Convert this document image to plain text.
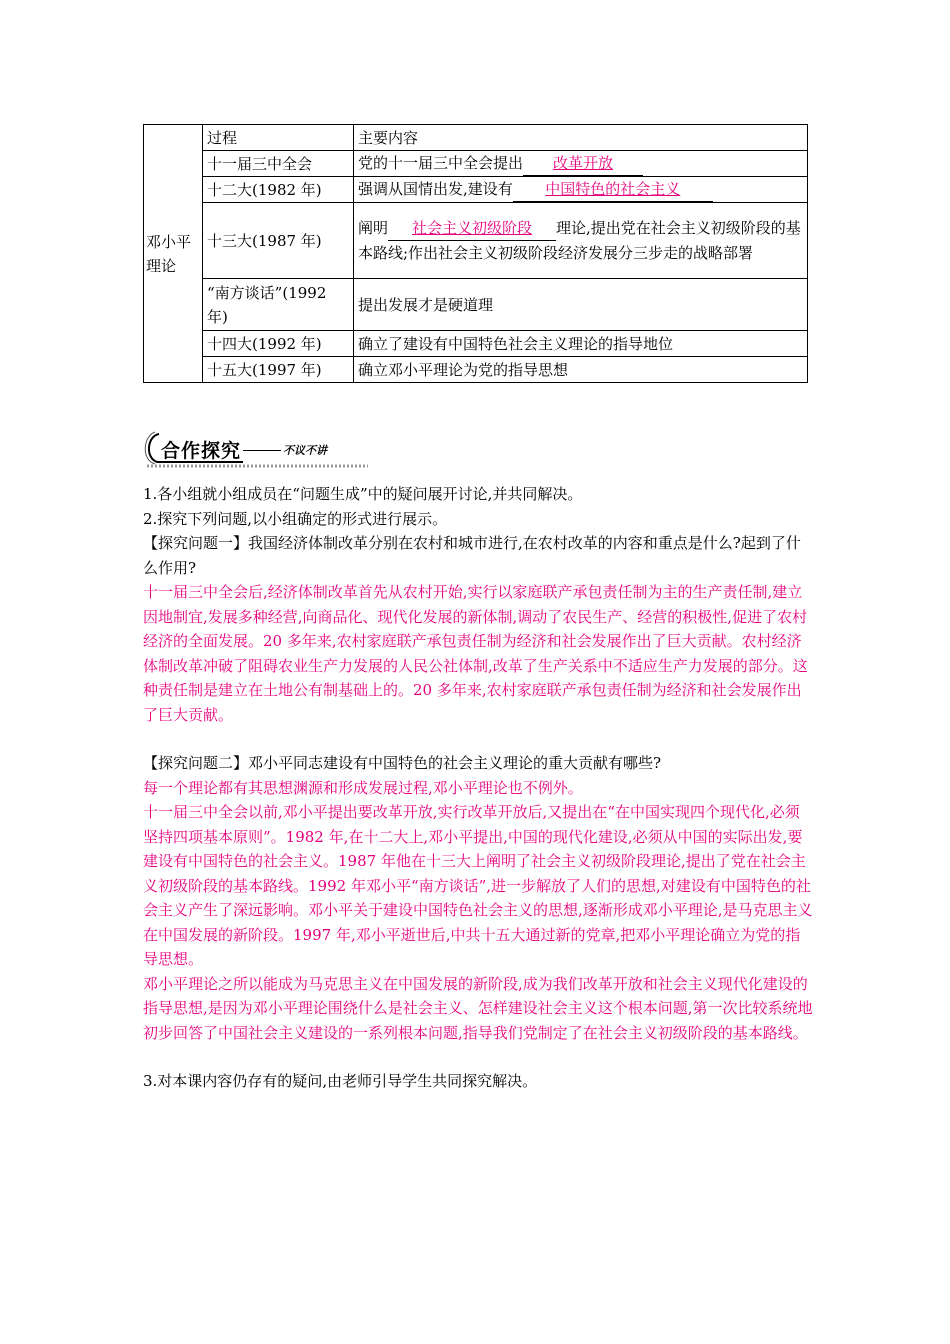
邓小平理论	过程	主要内容
	十一届三中全会	党的十一届三中全会提出 改革开放
	十二大(1982 年)	强调从国情出发,建设有 中国特色的社会主义
	十三大(1987 年)	阐明 社会主义初级阶段 理论,提出党在社会主义初级阶段的基本路线;作出社会主义初级阶段经济发展分三步走的战略部署
	“南方谈话”(1992 年)	提出发展才是硬道理
	十四大(1992 年)	确立了建设有中国特色社会主义理论的指导地位
	十五大(1997 年)	确立邓小平理论为党的指导思想
合作探究	不议不讲

1.各小组就小组成员在“问题生成”中的疑问展开讨论,并共同解决。

2.探究下列问题,以小组确定的形式进行展示。

【探究问题一】我国经济体制改革分别在农村和城市进行,在农村改革的内容和重点是什么?起到了什么作用?

十一届三中全会后,经济体制改革首先从农村开始,实行以家庭联产承包责任制为主的生产责任制,建立因地制宜,发展多种经营,向商品化、现代化发展的新体制,调动了农民生产、经营的积极性,促进了农村经济的全面发展。20 多年来,农村家庭联产承包责任制为经济和社会发展作出了巨大贡献。农村经济体制改革冲破了阻碍农业生产力发展的人民公社体制,改革了生产关系中不适应生产力发展的部分。这种责任制是建立在土地公有制基础上的。20 多年来,农村家庭联产承包责任制为经济和社会发展作出了巨大贡献。

【探究问题二】邓小平同志建设有中国特色的社会主义理论的重大贡献有哪些?

每一个理论都有其思想渊源和形成发展过程,邓小平理论也不例外。

十一届三中全会以前,邓小平提出要改革开放,实行改革开放后,又提出在“在中国实现四个现代化,必须坚持四项基本原则”。1982 年,在十二大上,邓小平提出,中国的现代化建设,必须从中国的实际出发,要建设有中国特色的社会主义。1987 年他在十三大上阐明了社会主义初级阶段理论,提出了党在社会主义初级阶段的基本路线。1992 年邓小平“南方谈话”,进一步解放了人们的思想,对建设有中国特色的社会主义产生了深远影响。邓小平关于建设中国特色社会主义的思想,逐渐形成邓小平理论,是马克思主义在中国发展的新阶段。1997 年,邓小平逝世后,中共十五大通过新的党章,把邓小平理论确立为党的指导思想。

邓小平理论之所以能成为马克思主义在中国发展的新阶段,成为我们改革开放和社会主义现代化建设的指导思想,是因为邓小平理论围绕什么是社会主义、怎样建设社会主义这个根本问题,第一次比较系统地初步回答了中国社会主义建设的一系列根本问题,指导我们党制定了在社会主义初级阶段的基本路线。

3.对本课内容仍存有的疑问,由老师引导学生共同探究解决。
